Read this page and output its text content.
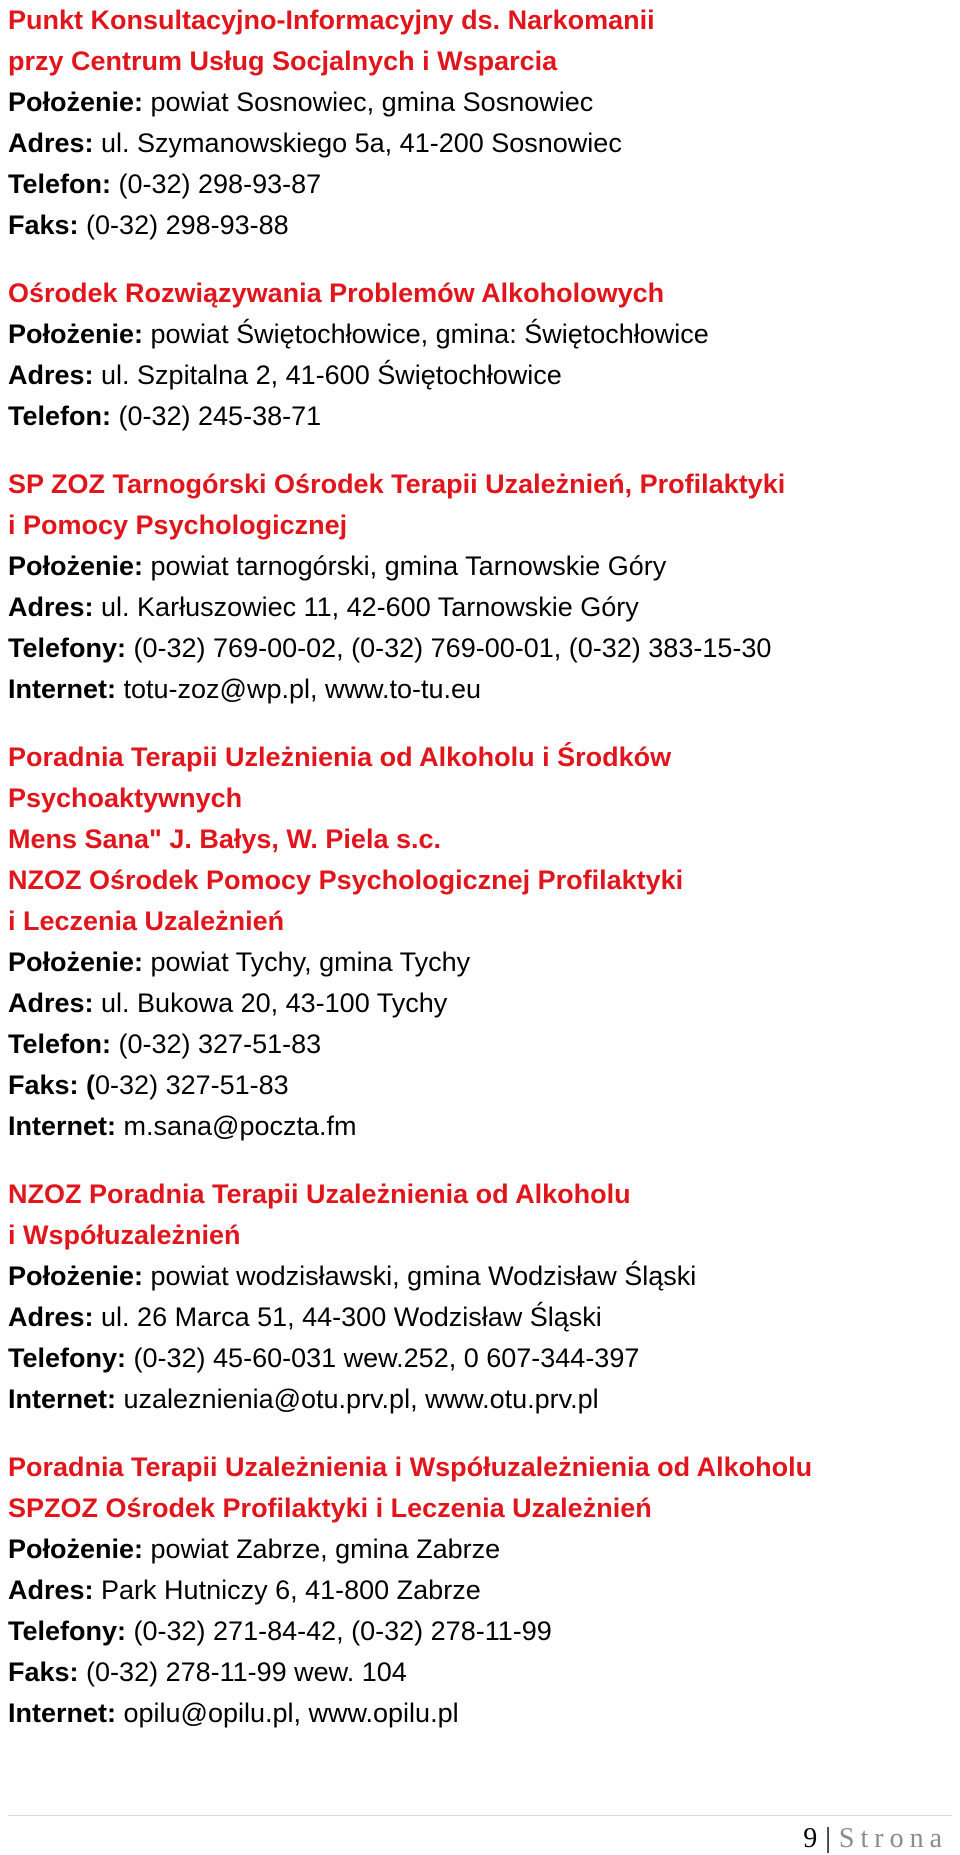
Punkt Konsultacyjno-Informacyjny ds. Narkomanii
przy Centrum Usług Socjalnych i Wsparcia
Położenie: powiat Sosnowiec, gmina Sosnowiec
Adres: ul. Szymanowskiego 5a, 41-200 Sosnowiec
Telefon: (0-32) 298-93-87
Faks: (0-32) 298-93-88
Ośrodek Rozwiązywania Problemów Alkoholowych
Położenie: powiat Świętochłowice, gmina: Świętochłowice
Adres: ul. Szpitalna 2, 41-600 Świętochłowice
Telefon: (0-32) 245-38-71
SP ZOZ Tarnogórski Ośrodek Terapii Uzależnień, Profilaktyki
i Pomocy Psychologicznej
Położenie: powiat tarnogórski, gmina Tarnowskie Góry
Adres: ul. Karłuszowiec 11, 42-600 Tarnowskie Góry
Telefony: (0-32) 769-00-02, (0-32) 769-00-01, (0-32) 383-15-30
Internet: totu-zoz@wp.pl, www.to-tu.eu
Poradnia Terapii Uzleżnienia od Alkoholu i Środków
Psychoaktywnych
Mens Sana" J. Bałys, W. Piela s.c.
NZOZ Ośrodek Pomocy Psychologicznej Profilaktyki
i Leczenia Uzależnień
Położenie: powiat Tychy, gmina Tychy
Adres: ul. Bukowa 20, 43-100 Tychy
Telefon: (0-32) 327-51-83
Faks: (0-32) 327-51-83
Internet: m.sana@poczta.fm
NZOZ Poradnia Terapii Uzależnienia od Alkoholu
i Współuzależnień
Położenie: powiat wodzisławski, gmina Wodzisław Śląski
Adres: ul. 26 Marca 51, 44-300 Wodzisław Śląski
Telefony: (0-32) 45-60-031 wew.252, 0 607-344-397
Internet: uzaleznienia@otu.prv.pl, www.otu.prv.pl
Poradnia Terapii Uzależnienia i Współuzależnienia od Alkoholu
SPZOZ Ośrodek Profilaktyki i Leczenia Uzależnień
Położenie: powiat Zabrze, gmina Zabrze
Adres: Park Hutniczy 6, 41-800 Zabrze
Telefony: (0-32) 271-84-42, (0-32) 278-11-99
Faks: (0-32) 278-11-99 wew. 104
Internet: opilu@opilu.pl, www.opilu.pl
9 | Strona
